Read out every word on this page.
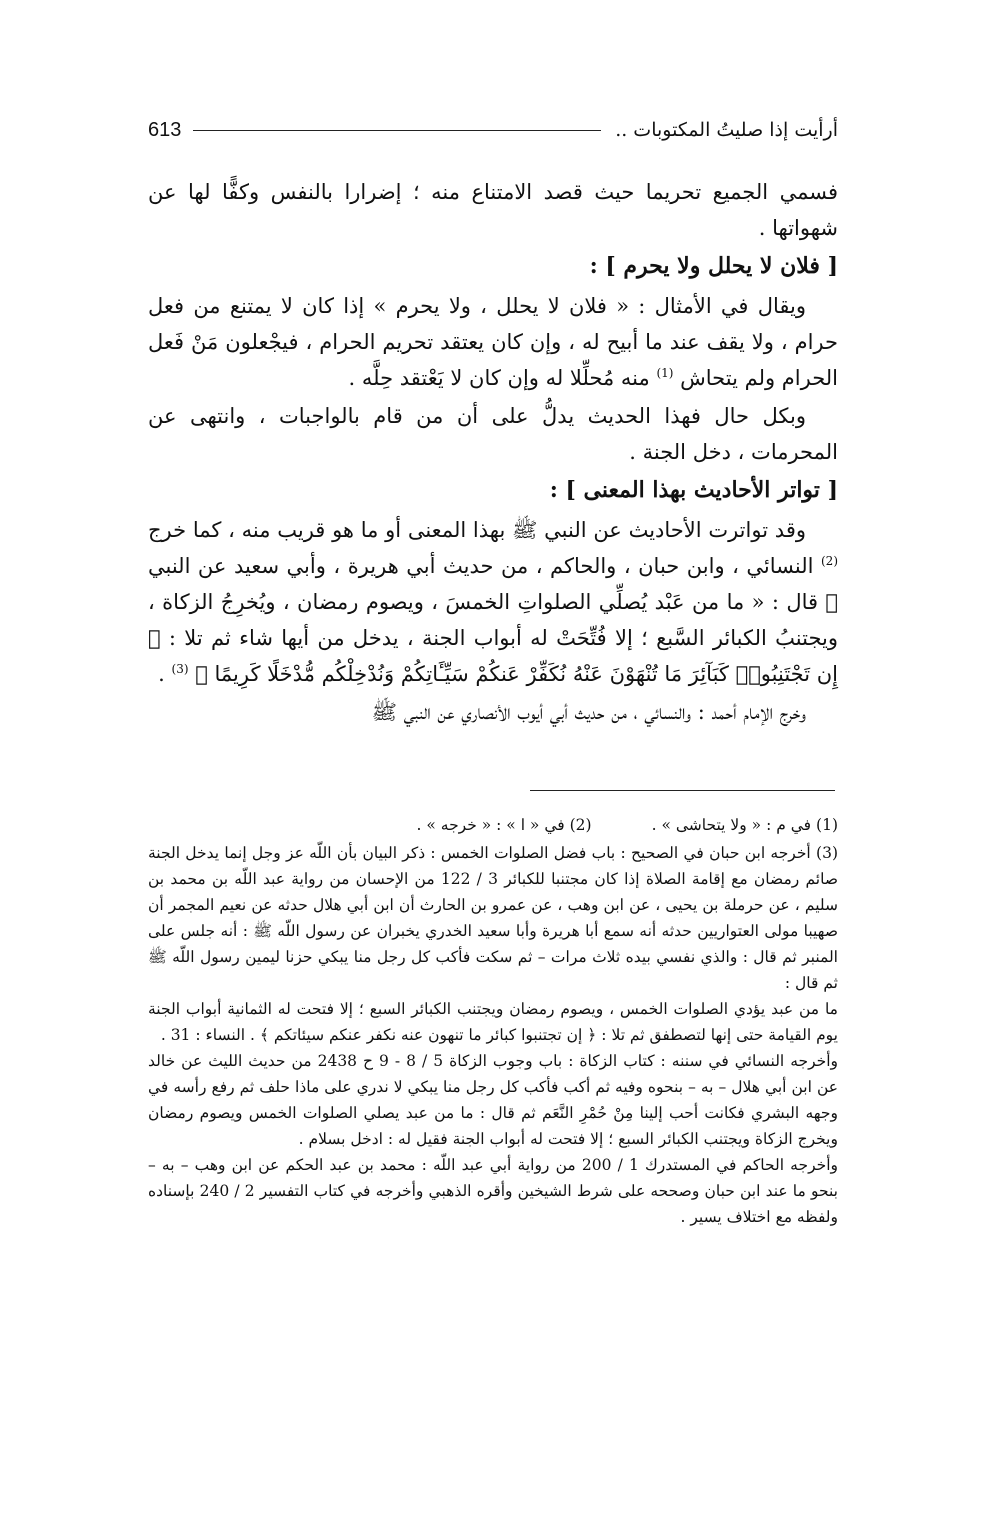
أرأيت إذا صليتُ المكتوبات ..
613

فسمي الجميع تحريما حيث قصد الامتناع منه ؛ إضرارا بالنفس وكفًّا لها عن شهواتها .

[ فلان لا يحلل ولا يحرم ] :

ويقال في الأمثال : « فلان لا يحلل ، ولا يحرم » إذا كان لا يمتنع من فعل حرام ، ولا يقف عند ما أبيح له ، وإن كان يعتقد تحريم الحرام ، فيجْعلون مَنْ فَعل الحرام ولم يتحاش $^{(1)}$ منه مُحلِّلا له وإن كان لا يَعْتقد حِلَّه .

وبكل حال فهذا الحديث يدلُّ على أن من قام بالواجبات ، وانتهى عن المحرمات ، دخل الجنة .

[ تواتر الأحاديث بهذا المعنى ] :

وقد تواترت الأحاديث عن النبي ﷺ بهذا المعنى أو ما هو قريب منه ، كما خرج $^{(2)}$ النسائي ، وابن حبان ، والحاكم ، من حديث أبي هريرة ، وأبي سعيد عن النبي ﷺ قال : « ما من عَبْد يُصلِّي الصلواتِ الخمسَ ، ويصوم رمضان ، ويُخرِجُ الزكاة ، ويجتنبُ الكبائر السَّبع ؛ إلا فُتِّحَتْ له أبواب الجنة ، يدخل من أيها شاء ثم تلا : ﴿ إِن تَجْتَنِبُوا۟ كَبَآئِرَ مَا تُنْهَوْنَ عَنْهُ نُكَفِّرْ عَنكُمْ سَيِّـَٔاتِكُمْ وَنُدْخِلْكُم مُّدْخَلًا كَرِيمًا ﴾ $^{(3)}$ .

وخرج الإمام أحمد : والنسائي ، من حديث أبي أيوب الأنصاري عن النبي ﷺ

(1) في م : « ولا يتحاشى » .
(2) في « ا » : « خرجه » .

(3) أخرجه ابن حبان في الصحيح : باب فضل الصلوات الخمس : ذكر البيان بأن اللّه عز وجل إنما يدخل الجنة صائم رمضان مع إقامة الصلاة إذا كان مجتنبا للكبائر 3 / 122 من الإحسان من رواية عبد اللّه بن محمد بن سليم ، عن حرملة بن يحيى ، عن ابن وهب ، عن عمرو بن الحارث أن ابن أبي هلال حدثه عن نعيم المجمر أن صهيبا مولى العتواريين حدثه أنه سمع أبا هريرة وأبا سعيد الخدري يخبران عن رسول اللّه ﷺ : أنه جلس على المنبر ثم قال : والذي نفسي بيده ثلاث مرات – ثم سكت فأكب كل رجل منا يبكي حزنا ليمين رسول اللّه ﷺ ثم قال :

ما من عبد يؤدي الصلوات الخمس ، ويصوم رمضان ويجتنب الكبائر السبع ؛ إلا فتحت له الثمانية أبواب الجنة يوم القيامة حتى إنها لتصطفق ثم تلا : ﴿ إن تجتنبوا كبائر ما تنهون عنه نكفر عنكم سيئاتكم ﴾ . النساء : 31 .

وأخرجه النسائي في سننه : كتاب الزكاة : باب وجوب الزكاة 5 / 8 - 9 ح 2438 من حديث الليث عن خالد عن ابن أبي هلال – به – بنحوه وفيه ثم أكب فأكب كل رجل منا يبكي لا ندري على ماذا حلف ثم رفع رأسه في وجهه البشري فكانت أحب إلينا مِنْ حُمْرِ النَّعَم ثم قال : ما من عبد يصلي الصلوات الخمس ويصوم رمضان ويخرج الزكاة ويجتنب الكبائر السبع ؛ إلا فتحت له أبواب الجنة فقيل له : ادخل بسلام .

وأخرجه الحاكم في المستدرك 1 / 200 من رواية أبي عبد اللّه : محمد بن عبد الحكم عن ابن وهب – به – بنحو ما عند ابن حبان وصححه على شرط الشيخين وأقره الذهبي وأخرجه في كتاب التفسير 2 / 240 بإسناده ولفظه مع اختلاف يسير .
